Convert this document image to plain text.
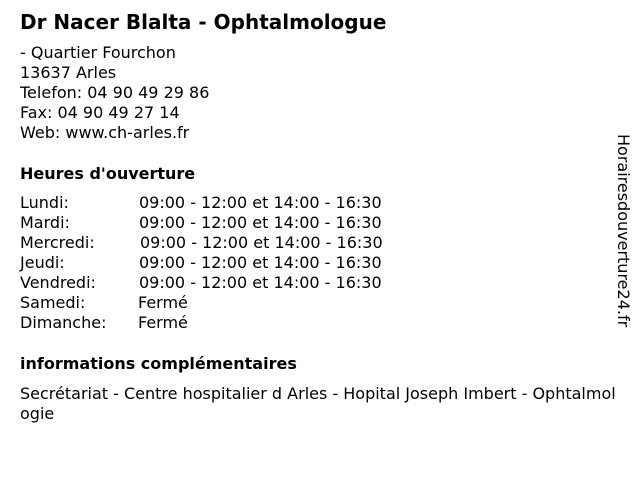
Dr Nacer Blalta - Ophtalmologue
- Quartier Fourchon
13637 Arles
Telefon: 04 90 49 29 86
Fax: 04 90 49 27 14
Web: www.ch-arles.fr
Heures d'ouverture
Lundi:	09:00 - 12:00 et 14:00 - 16:30
Mardi:	09:00 - 12:00 et 14:00 - 16:30
Mercredi:	09:00 - 12:00 et 14:00 - 16:30
Jeudi:	09:00 - 12:00 et 14:00 - 16:30
Vendredi:	09:00 - 12:00 et 14:00 - 16:30
Samedi:	Fermé
Dimanche: Fermé
informations complémentaires
Secrétariat - Centre hospitalier d Arles - Hopital Joseph Imbert - Ophtalmologie
Horairesdouverture24.fr
